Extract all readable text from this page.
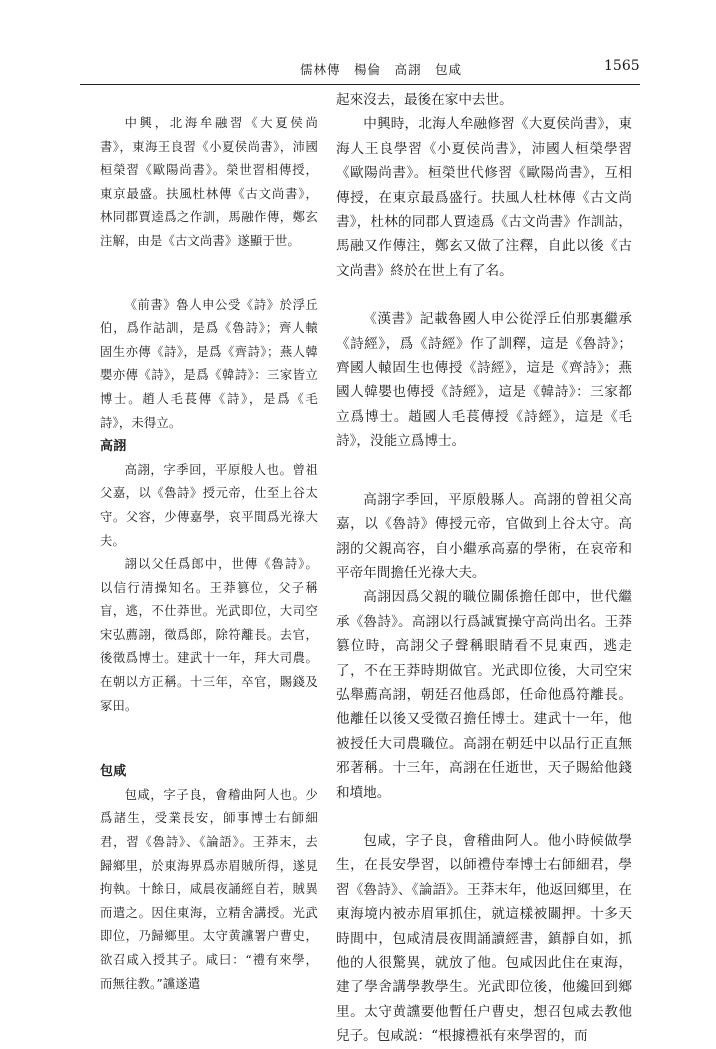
儒林傳　楊倫　高詡　包咸	1565

中興，北海牟融習《大夏侯尚書》，東海王良習《小夏侯尚書》，沛國桓榮習《歐陽尚書》。榮世習相傳授，東京最盛。扶風杜林傳《古文尚書》，林同郡賈逵爲之作訓，馬融作傳，鄭玄注解，由是《古文尚書》遂顯于世。

《前書》魯人申公受《詩》於浮丘伯，爲作詁訓，是爲《魯詩》；齊人轅固生亦傳《詩》，是爲《齊詩》；燕人韓嬰亦傳《詩》，是爲《韓詩》：三家皆立博士。趙人毛萇傳《詩》，是爲《毛詩》，未得立。

高詡

高詡，字季回，平原般人也。曾祖父嘉，以《魯詩》授元帝，仕至上谷太守。父容，少傳嘉學，哀平間爲光祿大夫。

詡以父任爲郎中，世傳《魯詩》。以信行清操知名。王莽篡位，父子稱盲，逃，不仕莽世。光武即位，大司空宋弘薦詡，徵爲郎，除符離長。去官，後徵爲博士。建武十一年，拜大司農。在朝以方正稱。十三年，卒官，賜錢及冢田。

包咸

包咸，字子良，會稽曲阿人也。少爲諸生，受業長安，師事博士右師細君，習《魯詩》、《論語》。王莽末，去歸鄉里，於東海界爲赤眉賊所得，遂見拘執。十餘日，咸晨夜誦經自若，賊異而遣之。因住東海，立精舍講授。光武即位，乃歸鄉里。太守黄讜署户曹史，欲召咸入授其子。咸曰：“禮有來學，而無往教。”讜遂遣

起來沒去，最後在家中去世。

中興時，北海人牟融修習《大夏侯尚書》，東海人王良學習《小夏侯尚書》，沛國人桓榮學習《歐陽尚書》。桓榮世代修習《歐陽尚書》，互相傳授，在東京最爲盛行。扶風人杜林傳《古文尚書》，杜林的同郡人賈逵爲《古文尚書》作訓詁，馬融又作傳注，鄭玄又做了注釋，自此以後《古文尚書》終於在世上有了名。

《漢書》記載魯國人申公從浮丘伯那裏繼承《詩經》，爲《詩經》作了訓釋，這是《魯詩》；齊國人轅固生也傳授《詩經》，這是《齊詩》；燕國人韓嬰也傳授《詩經》，這是《韓詩》：三家都立爲博士。趙國人毛萇傳授《詩經》，這是《毛詩》，没能立爲博士。

高詡字季回，平原般縣人。高詡的曾祖父高嘉，以《魯詩》傳授元帝，官做到上谷太守。高詡的父親高容，自小繼承高嘉的學術，在哀帝和平帝年間擔任光祿大夫。

高詡因爲父親的職位關係擔任郎中，世代繼承《魯詩》。高詡以行爲誠實操守高尚出名。王莽篡位時，高詡父子聲稱眼睛看不見東西，逃走了，不在王莽時期做官。光武即位後，大司空宋弘舉薦高詡，朝廷召他爲郎，任命他爲符離長。他離任以後又受徵召擔任博士。建武十一年，他被授任大司農職位。高詡在朝廷中以品行正直無邪著稱。十三年，高詡在任逝世，天子賜給他錢和墳地。

包咸，字子良，會稽曲阿人。他小時候做學生，在長安學習，以師禮侍奉博士右師細君，學習《魯詩》、《論語》。王莽末年，他返回鄉里，在東海境内被赤眉軍抓住，就這樣被關押。十多天時間中，包咸清晨夜間誦讀經書，鎮靜自如，抓他的人很驚異，就放了他。包咸因此住在東海，建了學舍講學教學生。光武即位後，他纔回到鄉里。太守黄讜要他暫任户曹史，想召包咸去教他兒子。包咸説：“根據禮祇有來學習的，而
